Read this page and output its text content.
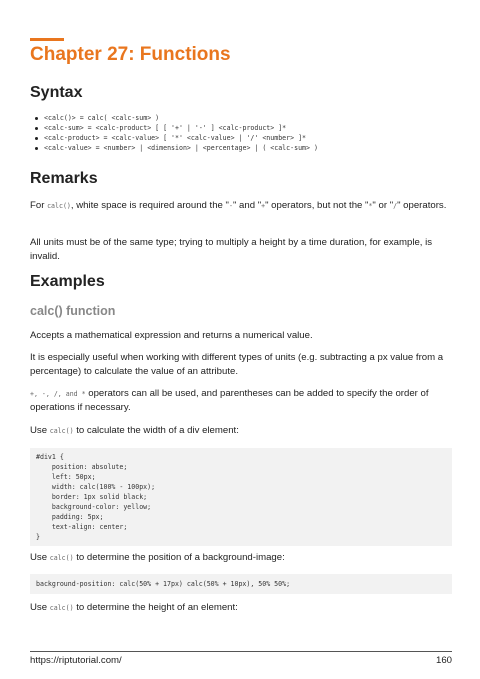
Chapter 27: Functions
Syntax
<calc()> = calc( <calc-sum> )
<calc-sum> = <calc-product> [ [ '+' | '-' ] <calc-product> ]*
<calc-product> = <calc-value> [ '*' <calc-value> | '/' <number> ]*
<calc-value> = <number> | <dimension> | <percentage> | ( <calc-sum> )
Remarks

For calc(), white space is required around the "-" and "+" operators, but not the "*" or "/" operators.

All units must be of the same type; trying to multiply a height by a time duration, for example, is invalid.

Examples
calc() function

Accepts a mathematical expression and returns a numerical value.

It is especially useful when working with different types of units (e.g. subtracting a px value from a percentage) to calculate the value of an attribute.

+, -, /, and * operators can all be used, and parentheses can be added to specify the order of operations if necessary.

Use calc() to calculate the width of a div element:

#div1 {
position: absolute;
left: 50px;
width: calc(100% - 100px);
border: 1px solid black;
background-color: yellow;
padding: 5px;
text-align: center;
}

Use calc() to determine the position of a background-image:

background-position: calc(50% + 17px) calc(50% + 10px), 50% 50%;

Use calc() to determine the height of an element:

https://riptutorial.com/	160
